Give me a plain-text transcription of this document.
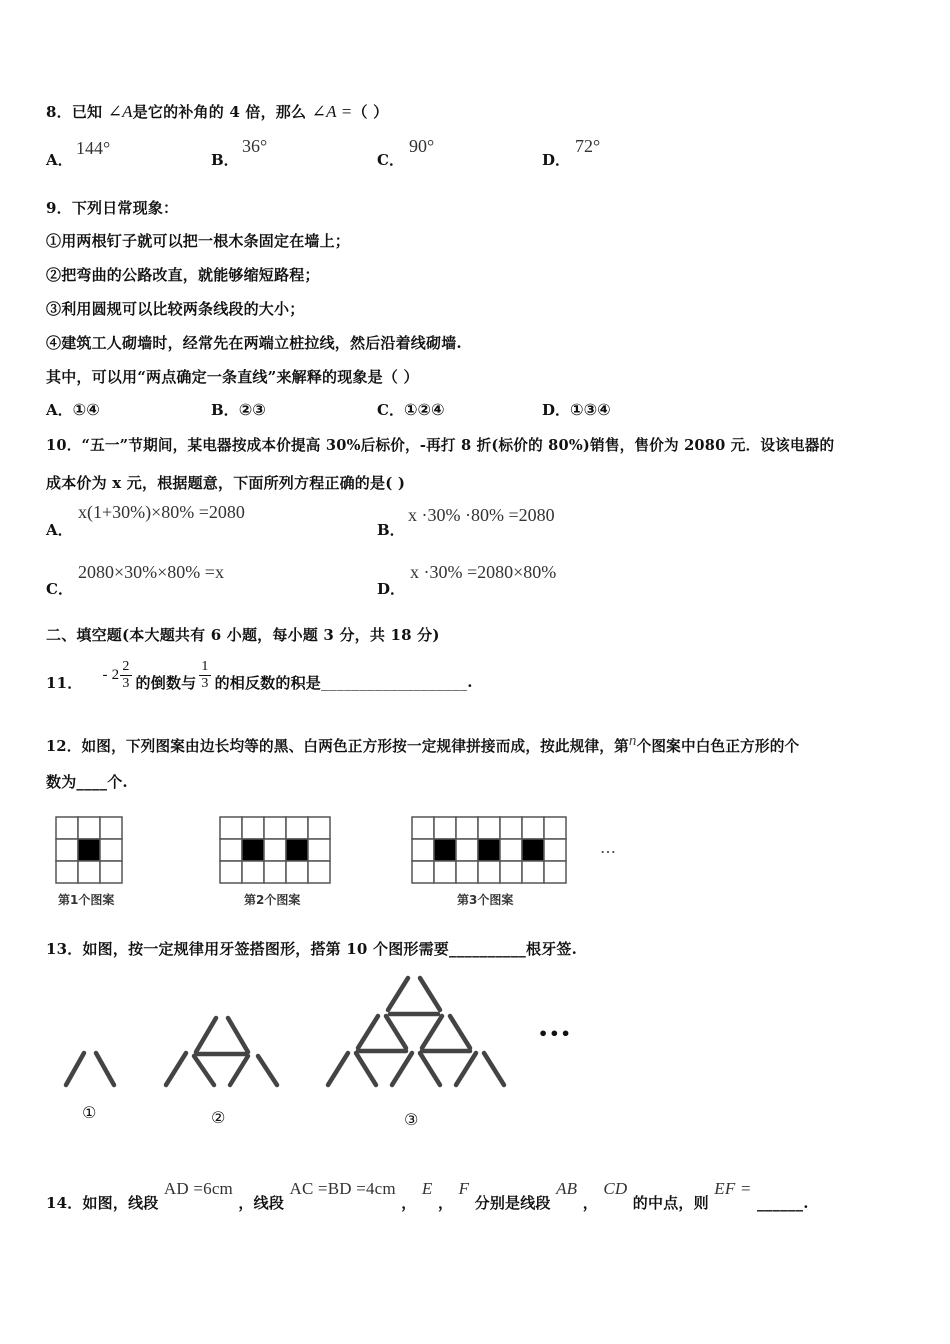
8．已知 ∠A是它的补角的 4 倍，那么 ∠A =（ ）
A．
144°
B．
36°
C．
90°
D．
72°
9．下列日常现象：
①用两根钉子就可以把一根木条固定在墙上；
②把弯曲的公路改直，就能够缩短路程；
③利用圆规可以比较两条线段的大小；
④建筑工人砌墙时，经常先在两端立桩拉线，然后沿着线砌墙.
其中，可以用“两点确定一条直线”来解释的现象是（ ）
A．①④	B．②③	C．①②④	D．①③④
10．“五一”节期间，某电器按成本价提高 30%后标价，-再打 8 折(标价的 80%)销售，售价为 2080 元．设该电器的
成本价为 x 元，根据题意，下面所列方程正确的是( )
A．
x(1+30%)×80% =2080
B．
x ·30% ·80% =2080
C．
2080×30%×80% =x
D．
x ·30% =2080×80%
二、填空题(本大题共有 6 小题，每小题 3 分，共 18 分)
11． - $2 \frac{2}{3}$ 的倒数与 $\frac{1}{3}$ 的相反数的积是 ___________________ .
12．如图，下列图案由边长均等的黑、白两色正方形按一定规律拼接而成，按此规律，第$^n$个图案中白色正方形的个
数为____个.
第1个图案	第2个图案	第3个图案
…
13．如图，按一定规律用牙签搭图形，搭第 10 个图形需要__________根牙签.
①	②	③
•••
14．如图，线段 AD =6cm ，线段 AC =BD =4cm ， E ， F 分别是线段 AB ， CD 的中点，则 EF = ______.
